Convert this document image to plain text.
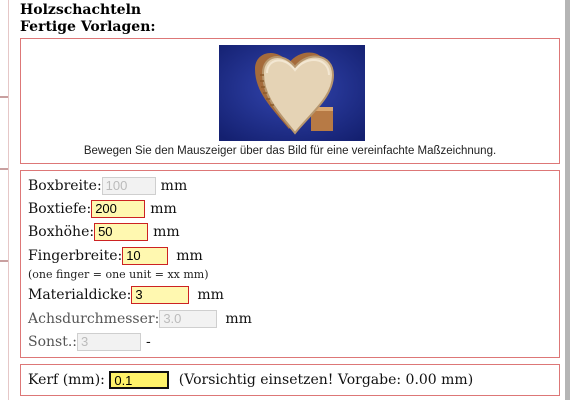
Holzschachteln
Fertige Vorlagen:
Bewegen Sie den Mauszeiger über das Bild für eine vereinfachte Maßzeichnung.
Boxbreite: 100 mm
Boxtiefe: 200 mm
Boxhöhe: 50	mm
Fingerbreite: 10	mm
(one finger = one unit = xx mm)
Materialdicke: 3	mm
Achsdurchmesser: 3.0	mm
Sonst.: 3	-
Kerf (mm): 0.1	(Vorsichtig einsetzen! Vorgabe: 0.00 mm)
